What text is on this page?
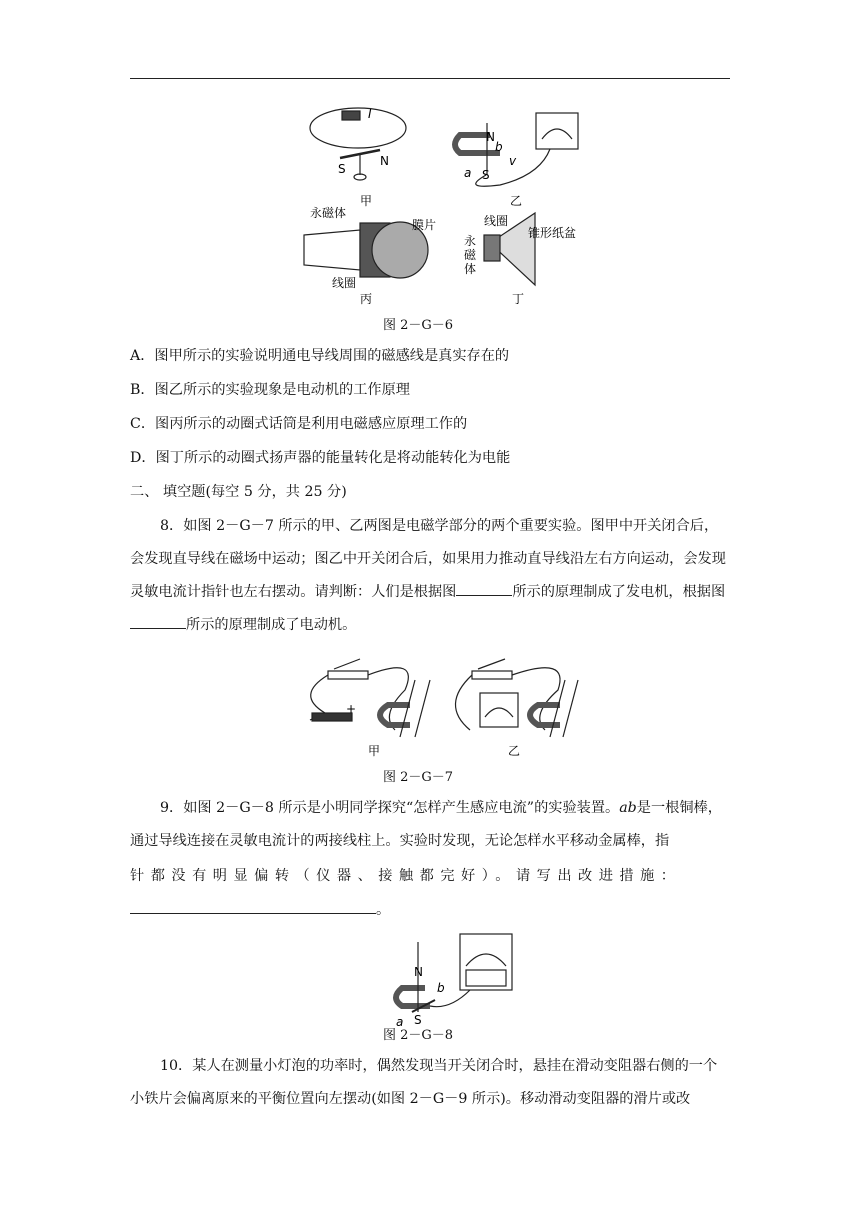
甲	乙
I
S
N
N
b
v
a S
永磁体
膜片
线圈
丙
线圈
锥形纸盆
永
磁
体
丁
图 2－G－6
A．图甲所示的实验说明通电导线周围的磁感线是真实存在的
B．图乙所示的实验现象是电动机的工作原理
C．图丙所示的动圈式话筒是利用电磁感应原理工作的
D．图丁所示的动圈式扬声器的能量转化是将动能转化为电能
二、 填空题(每空 5 分，共 25 分)
8．如图 2－G－7 所示的甲、乙两图是电磁学部分的两个重要实验。图甲中开关闭合后，会发现直导线在磁场中运动；图乙中开关闭合后，如果用力推动直导线沿左右方向运动，会发现灵敏电流计指针也左右摆动。请判断：人们是根据图	所示的原理制成了发电机，根据图所示的原理制成了电动机。
+
甲	乙
图 2－G－7
9．如图 2－G－8 所示是小明同学探究“怎样产生感应电流”的实验装置。ab是一根铜棒，通过导线连接在灵敏电流计的两接线柱上。实验时发现，无论怎样水平移动金属棒，指
针都没有明显偏转（仪器、接触都完好）。请写出改进措施：
。
N
b
a S
图 2－G－8
10．某人在测量小灯泡的功率时，偶然发现当开关闭合时，悬挂在滑动变阻器右侧的一个小铁片会偏离原来的平衡位置向左摆动(如图 2－G－9 所示)。移动滑动变阻器的滑片或改
